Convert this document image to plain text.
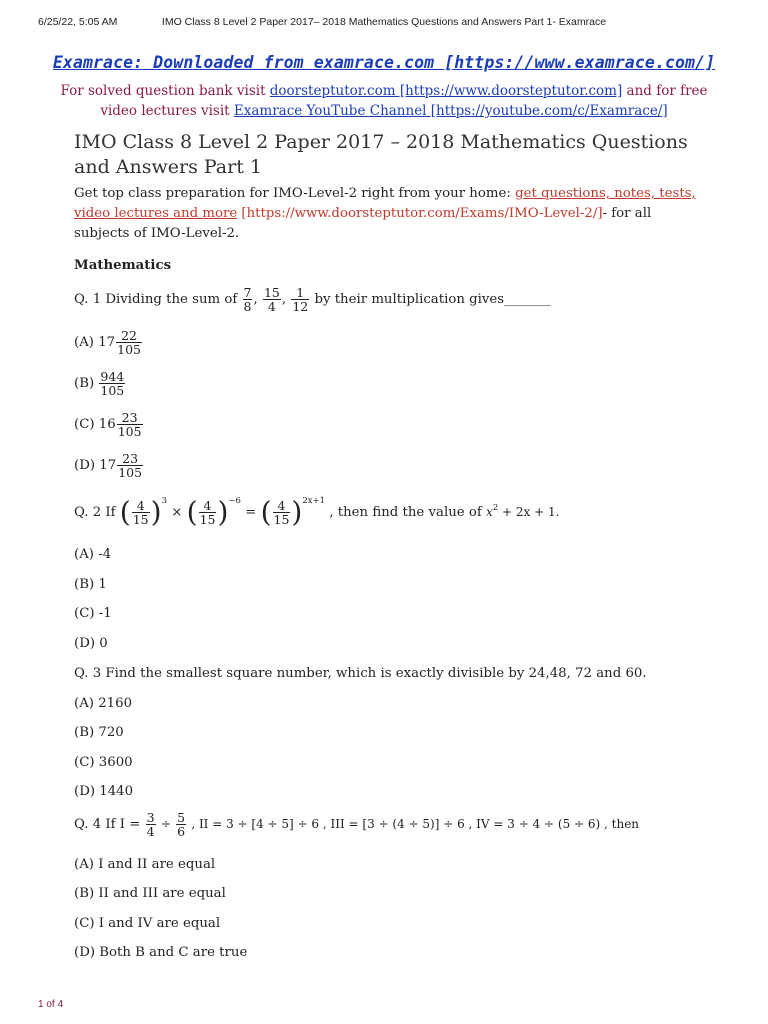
6/25/22, 5:05 AM	IMO Class 8 Level 2 Paper 2017– 2018 Mathematics Questions and Answers Part 1- Examrace
Examrace: Downloaded from examrace.com [https://www.examrace.com/]
For solved question bank visit doorsteptutor.com [https://www.doorsteptutor.com] and for free video lectures visit Examrace YouTube Channel [https://youtube.com/c/Examrace/]
IMO Class 8 Level 2 Paper 2017 – 2018 Mathematics Questions and Answers Part 1

Get top class preparation for IMO-Level-2 right from your home: get questions, notes, tests, video lectures and more [https://www.doorsteptutor.com/Exams/IMO-Level-2/]- for all subjects of IMO-Level-2.

Mathematics
Q. 1 Dividing the sum of $\frac{7}{8}$ , $\frac{15}{4}$ , $\frac{1}{12}$ by their multiplication gives_______
(A) $17 \frac{22}{105}$
$(B) \frac{944}{105}$
(C) $16 \frac{23}{105}$
(D) $17 \frac{23}{105}$
Q. 2 If ( $\frac{4}{15} )^3$ × ( $\frac{4}{15} )^{-6}$ = ( $\frac{4}{15} )^{2x+1}$ , then find the value of $x^2 + 2x + 1$.
(A) -4
(B) 1
(C) -1
(D) 0
Q. 3 Find the smallest square number, which is exactly divisible by 24,48, 72 and 60.
(A) 2160
(B) 720
(C) 3600
(D) 1440
Q. 4 If $I = \frac{3}{4} \div \frac{5}{6}$ , II = 3 ÷ [4 ÷ 5] ÷ 6 , III = [3 ÷ (4 ÷ 5)] ÷ 6 , IV = 3 ÷ 4 ÷ (5 ÷ 6) , then
(A) I and II are equal
(B) II and III are equal
(C) I and IV are equal
(D) Both B and C are true
1 of 4
